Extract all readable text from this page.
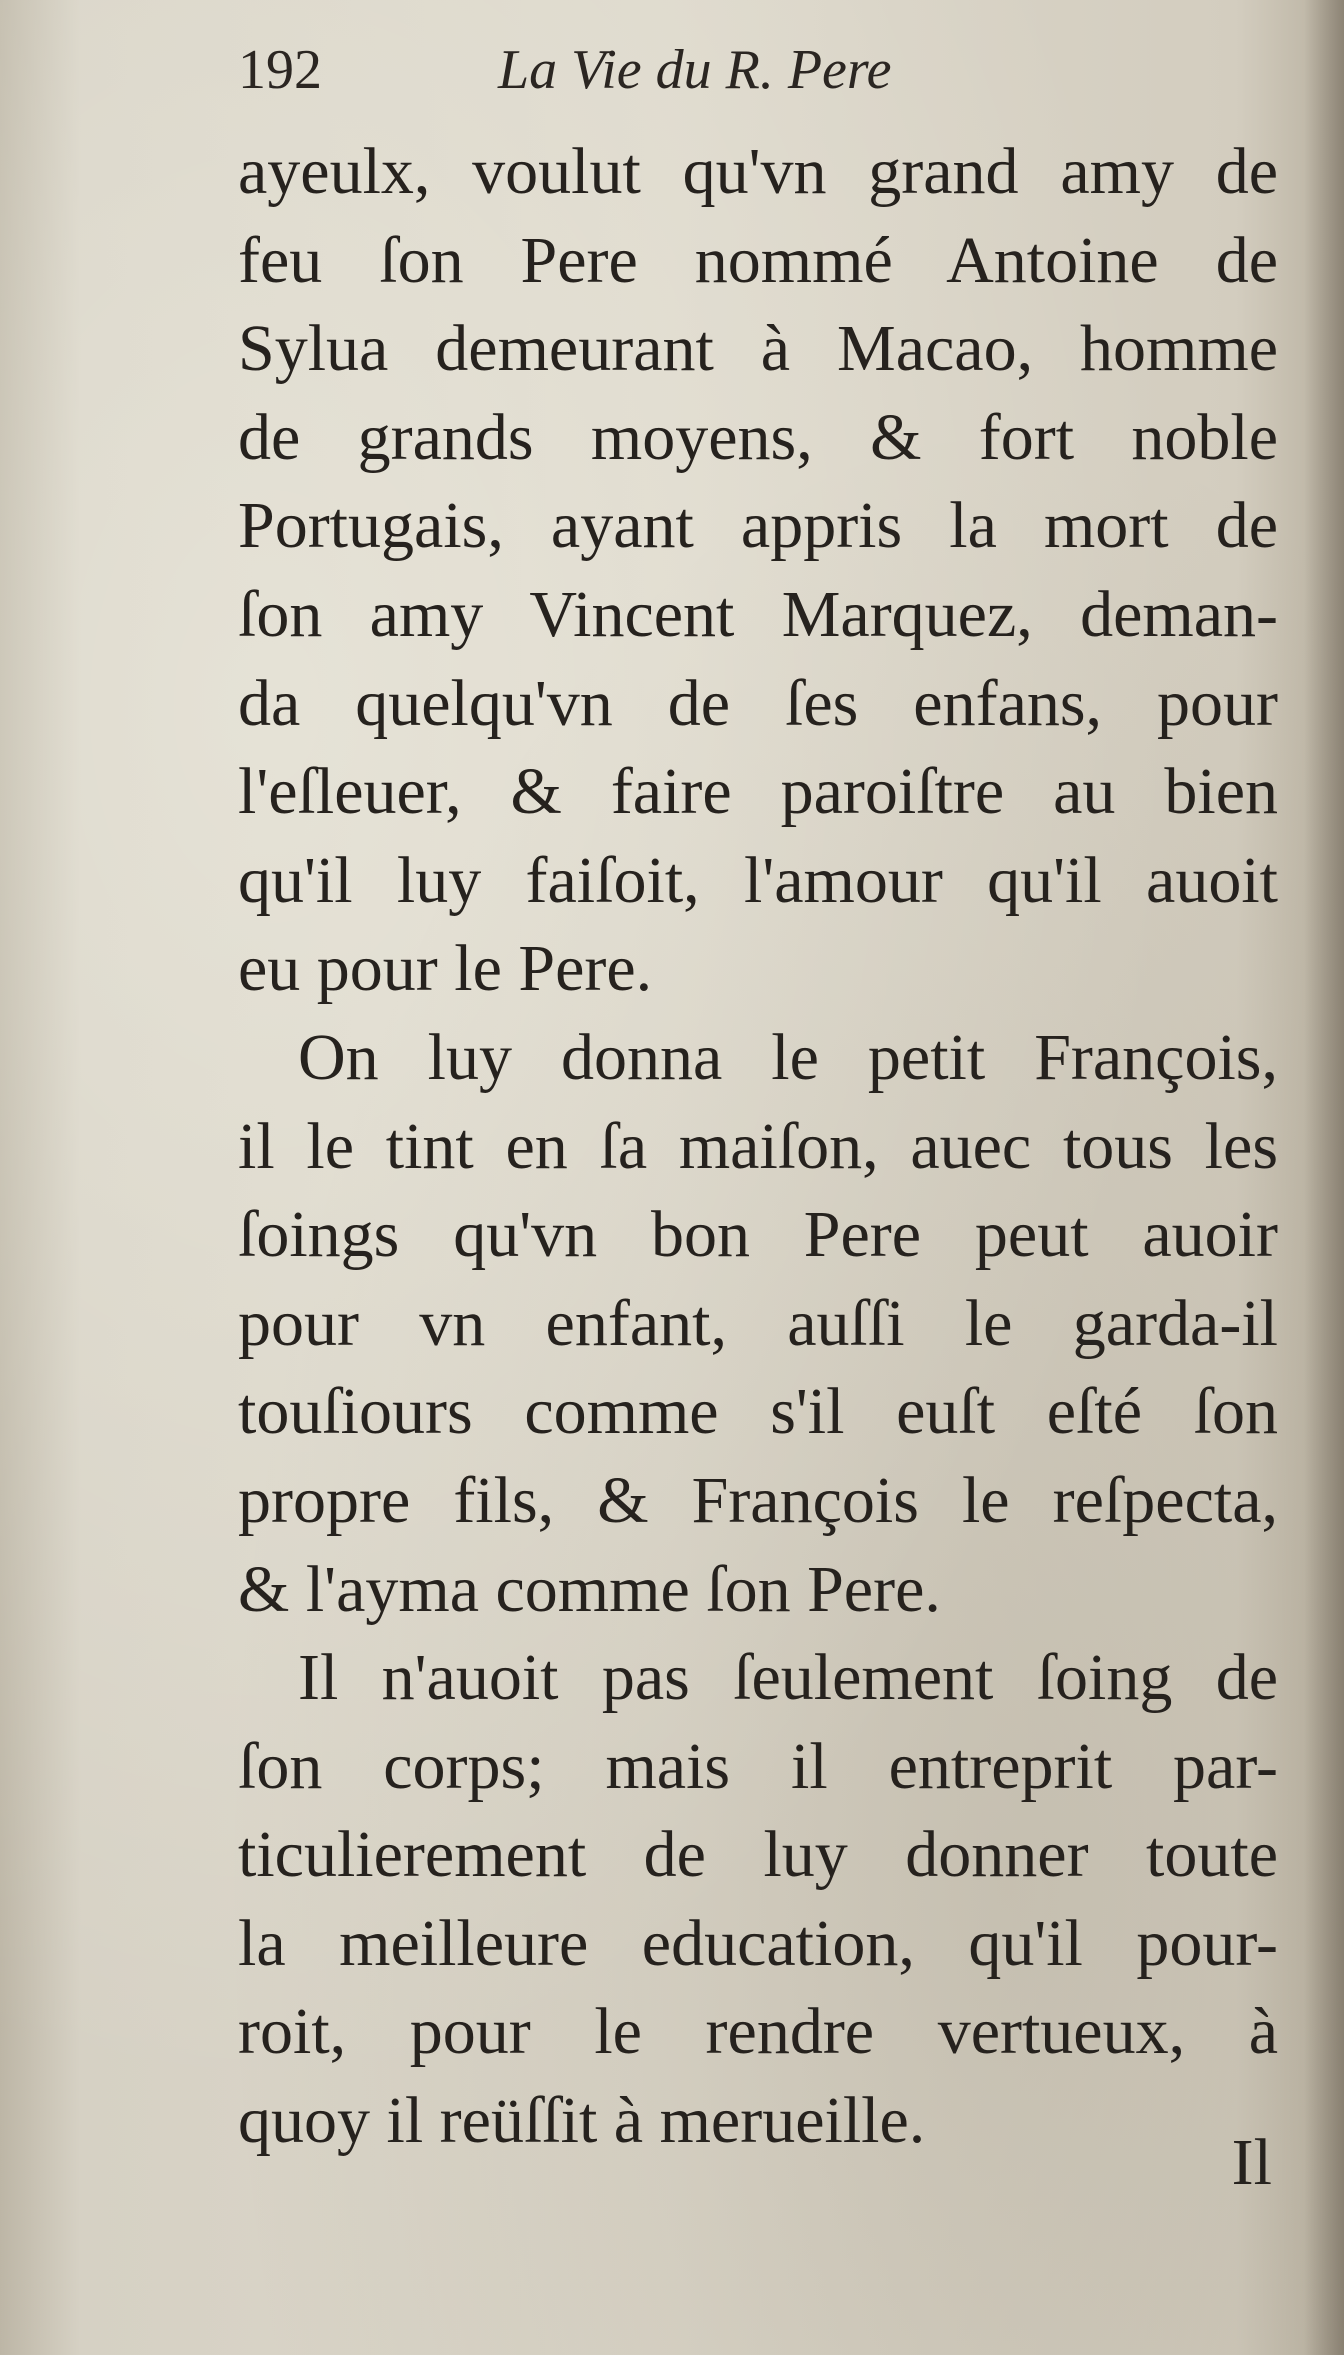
192	La Vie du R. Pere
ayeulx, voulut qu'vn grand amy de
feu ſon Pere nommé Antoine de
Sylua demeurant à Macao, homme
de grands moyens, & fort noble
Portugais, ayant appris la mort de
ſon amy Vincent Marquez, deman-
da quelqu'vn de ſes enfans, pour
l'eſleuer, & faire paroiſtre au bien
qu'il luy faiſoit, l'amour qu'il auoit
eu pour le Pere.
On luy donna le petit François,
il le tint en ſa maiſon, auec tous les
ſoings qu'vn bon Pere peut auoir
pour vn enfant, auſſi le garda-il
touſiours comme s'il euſt eſté ſon
propre fils, & François le reſpecta,
& l'ayma comme ſon Pere.
Il n'auoit pas ſeulement ſoing de
ſon corps; mais il entreprit par-
ticulierement de luy donner toute
la meilleure education, qu'il pour-
roit, pour le rendre vertueux, à
quoy il reüſſit à merueille.
Il
